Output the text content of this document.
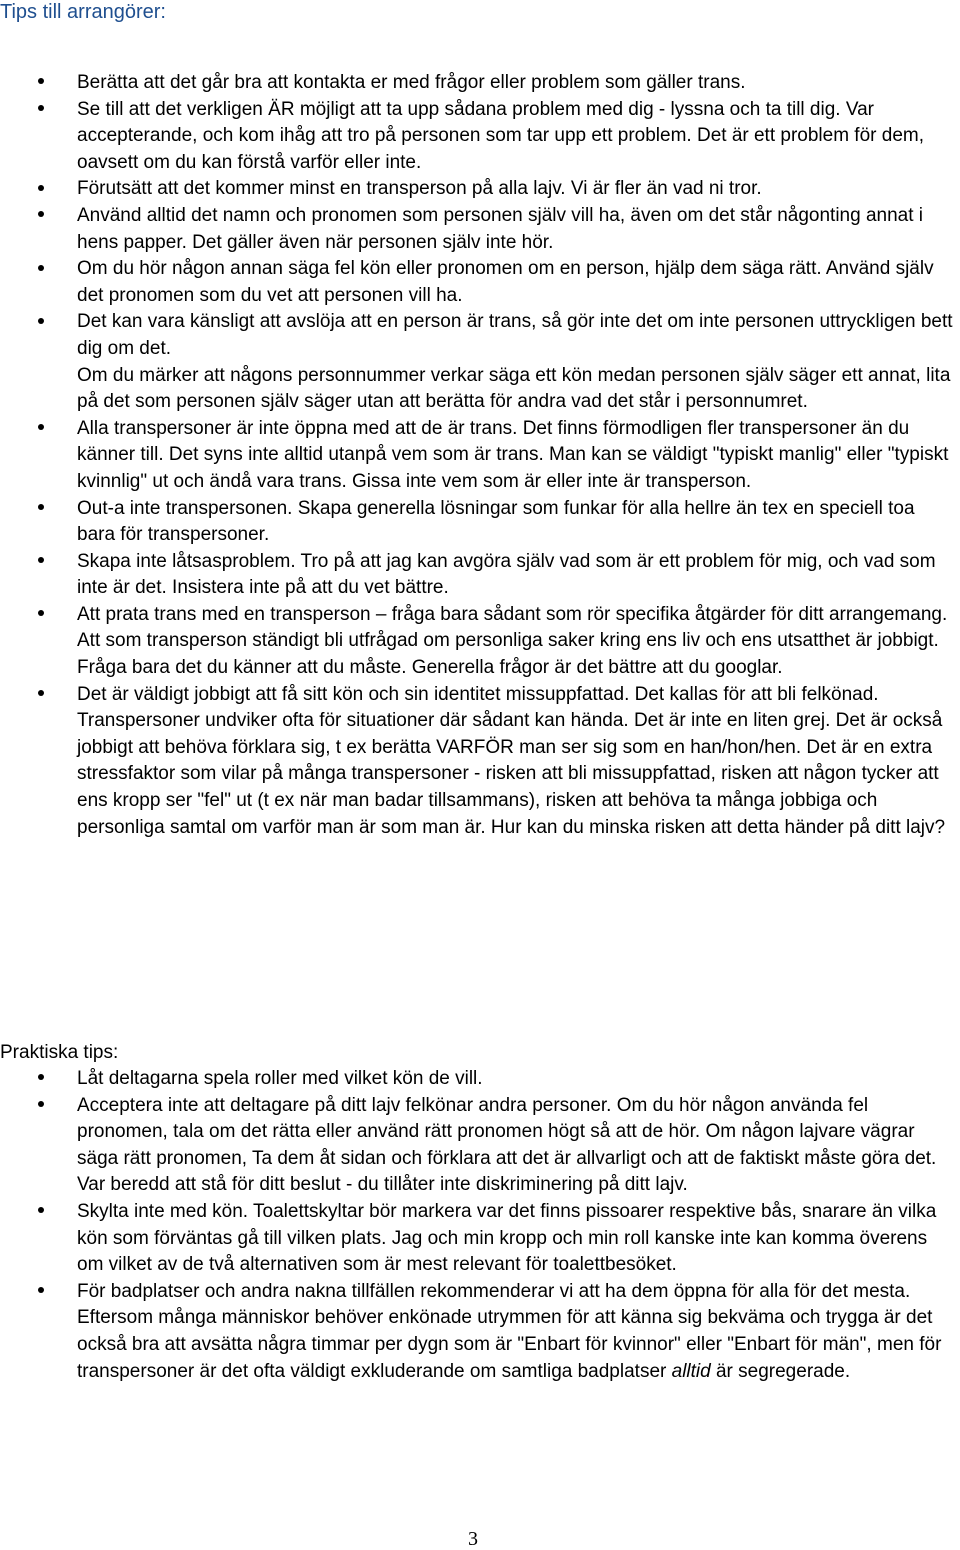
Tips till arrangörer:
Berätta att det går bra att kontakta er med frågor eller problem som gäller trans.
Se till att det verkligen ÄR möjligt att ta upp sådana problem med dig - lyssna och ta till dig. Var accepterande, och kom ihåg att tro på personen som tar upp ett problem. Det är ett problem för dem, oavsett om du kan förstå varför eller inte.
Förutsätt att det kommer minst en transperson på alla lajv. Vi är fler än vad ni tror.
Använd alltid det namn och pronomen som personen själv vill ha, även om det står någonting annat i hens papper. Det gäller även när personen själv inte hör.
Om du hör någon annan säga fel kön eller pronomen om en person, hjälp dem säga rätt. Använd själv det pronomen som du vet att personen vill ha.
Det kan vara känsligt att avslöja att en person är trans, så gör inte det om inte personen uttryckligen bett dig om det.
Om du märker att någons personnummer verkar säga ett kön medan personen själv säger ett annat, lita på det som personen själv säger utan att berätta för andra vad det står i personnumret.
Alla transpersoner är inte öppna med att de är trans. Det finns förmodligen fler transpersoner än du känner till. Det syns inte alltid utanpå vem som är trans. Man kan se väldigt "typiskt manlig" eller "typiskt kvinnlig" ut och ändå vara trans. Gissa inte vem som är eller inte är transperson.
Out-a inte transpersonen. Skapa generella lösningar som funkar för alla hellre än tex en speciell toa bara för transpersoner.
Skapa inte låtsasproblem. Tro på att jag kan avgöra själv vad som är ett problem för mig, och vad som inte är det. Insistera inte på att du vet bättre.
Att prata trans med en transperson – fråga bara sådant som rör specifika åtgärder för ditt arrangemang. Att som transperson ständigt bli utfrågad om personliga saker kring ens liv och ens utsatthet är jobbigt. Fråga bara det du känner att du måste. Generella frågor är det bättre att du googlar.
Det är väldigt jobbigt att få sitt kön och sin identitet missuppfattad. Det kallas för att bli felkönad. Transpersoner undviker ofta för situationer där sådant kan hända. Det är inte en liten grej. Det är också jobbigt att behöva förklara sig, t ex berätta VARFÖR man ser sig som en han/hon/hen. Det är en extra stressfaktor som vilar på många transpersoner - risken att bli missuppfattad, risken att någon tycker att ens kropp ser "fel" ut (t ex när man badar tillsammans), risken att behöva ta många jobbiga och personliga samtal om varför man är som man är. Hur kan du minska risken att detta händer på ditt lajv?
Praktiska tips:
Låt deltagarna spela roller med vilket kön de vill.
Acceptera inte att deltagare på ditt lajv felkönar andra personer. Om du hör någon använda fel pronomen, tala om det rätta eller använd rätt pronomen högt så att de hör. Om någon lajvare vägrar säga rätt pronomen, Ta dem åt sidan och förklara att det är allvarligt och att de faktiskt måste göra det. Var beredd att stå för ditt beslut - du tillåter inte diskriminering på ditt lajv.
Skylta inte med kön. Toalettskyltar bör markera var det finns pissoarer respektive bås, snarare än vilka kön som förväntas gå till vilken plats. Jag och min kropp och min roll kanske inte kan komma överens om vilket av de två alternativen som är mest relevant för toalettbesöket.
För badplatser och andra nakna tillfällen rekommenderar vi att ha dem öppna för alla för det mesta. Eftersom många människor behöver enkönade utrymmen för att känna sig bekväma och trygga är det också bra att avsätta några timmar per dygn som är "Enbart för kvinnor" eller "Enbart för män", men för transpersoner är det ofta väldigt exkluderande om samtliga badplatser alltid är segregerade.
3
